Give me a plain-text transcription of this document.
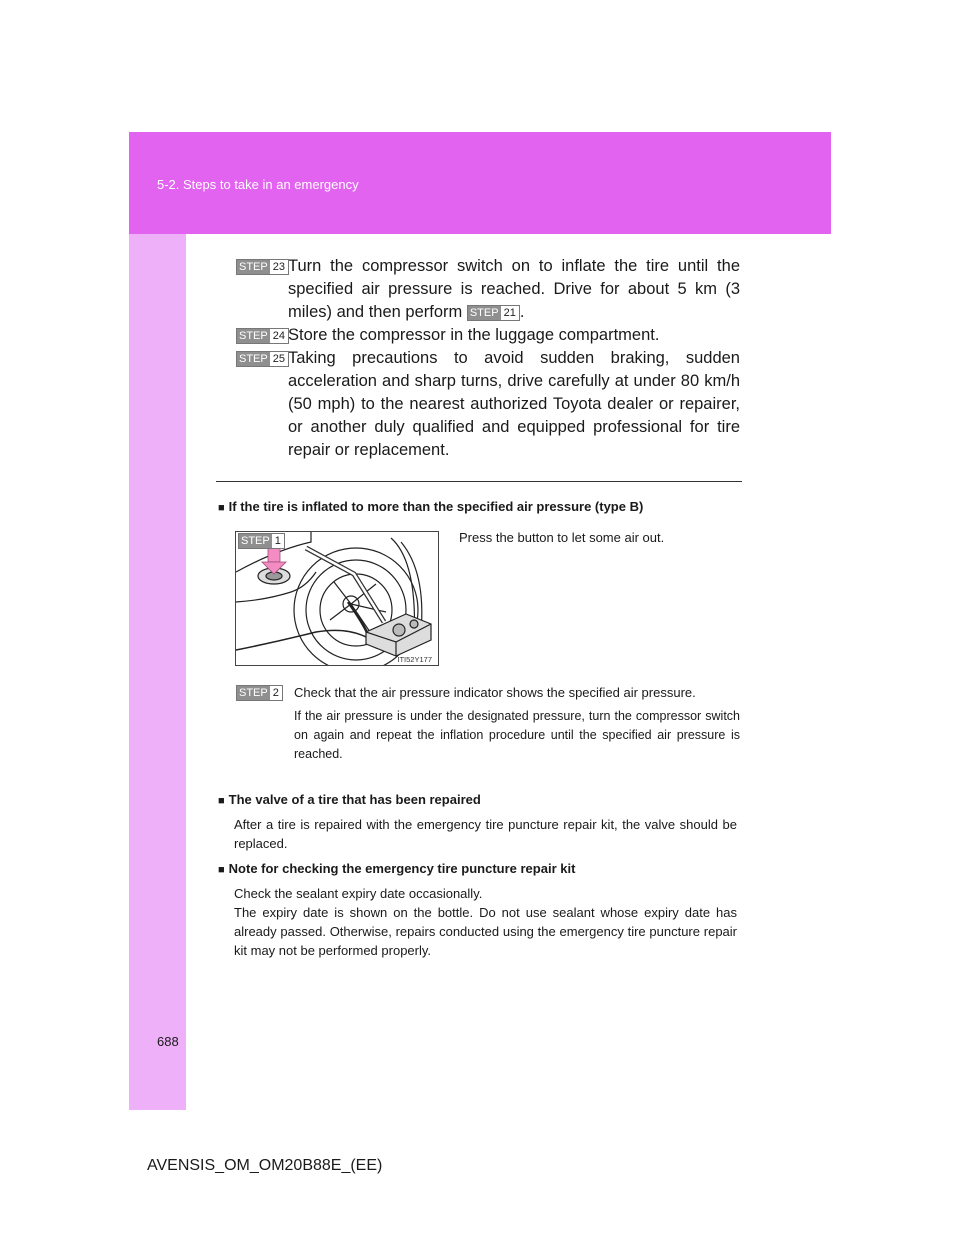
5-2. Steps to take in an emergency
STEP 23 Turn the compressor switch on to inflate the tire until the specified air pressure is reached. Drive for about 5 km (3 miles) and then perform STEP 21 .
STEP 24 Store the compressor in the luggage compartment.
STEP 25 Taking precautions to avoid sudden braking, sudden acceleration and sharp turns, drive carefully at under 80 km/h (50 mph) to the nearest authorized Toyota dealer or repairer, or another duly qualified and equipped professional for tire repair or replacement.
■ If the tire is inflated to more than the specified air pressure (type B)
STEP 1
ITI52Y177
Press the button to let some air out.
STEP 2 Check that the air pressure indicator shows the specified air pressure.
If the air pressure is under the designated pressure, turn the compressor switch on again and repeat the inflation procedure until the specified air pressure is reached.
■ The valve of a tire that has been repaired
After a tire is repaired with the emergency tire puncture repair kit, the valve should be replaced.
■ Note for checking the emergency tire puncture repair kit
Check the sealant expiry date occasionally.
The expiry date is shown on the bottle. Do not use sealant whose expiry date has already passed. Otherwise, repairs conducted using the emergency tire puncture repair kit may not be performed properly.
688
AVENSIS_OM_OM20B88E_(EE)
